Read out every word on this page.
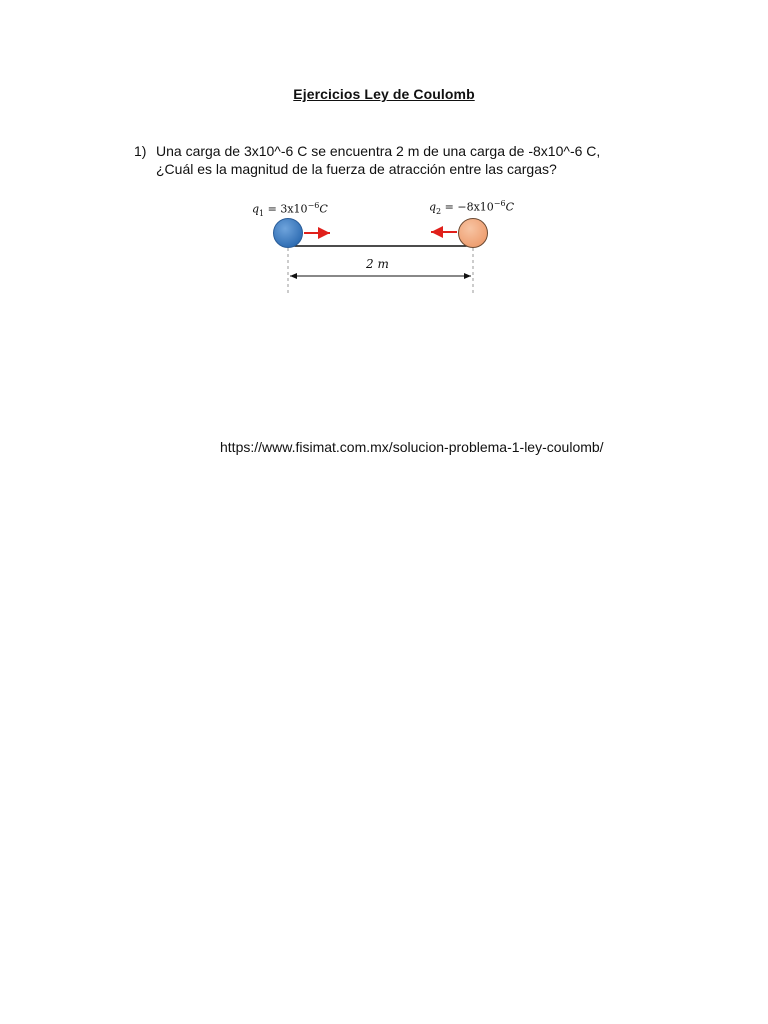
Ejercicios Ley de Coulomb
1) Una carga de 3x10^-6 C se encuentra 2 m de una carga de -8x10^-6 C,
¿Cuál es la magnitud de la fuerza de atracción entre las cargas?
$q_1 = 3x10^{-6}C$	$q_2 = -8x10^{-6}C$
2 m
https://www.fisimat.com.mx/solucion-problema-1-ley-coulomb/
